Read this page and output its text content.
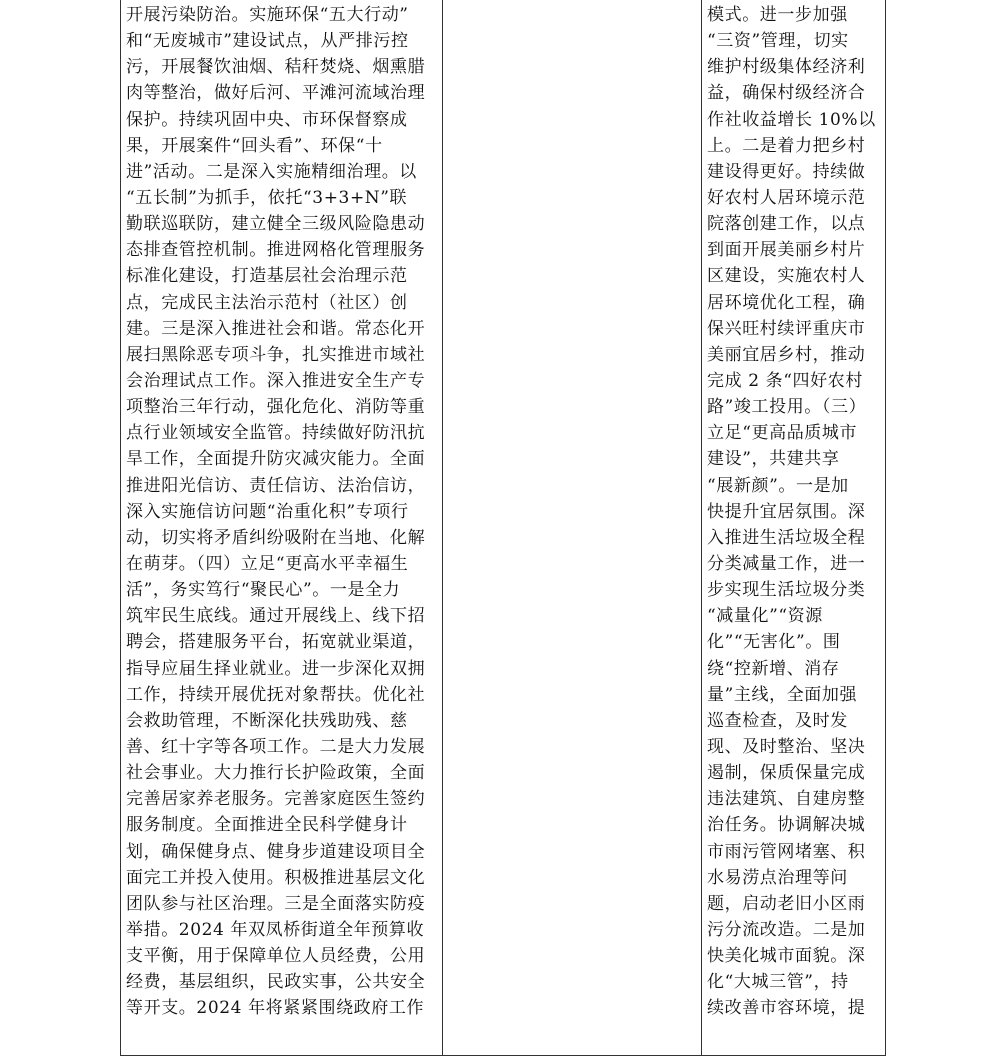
开展污染防治。实施环保“五大行动”
和“无废城市”建设试点，从严排污控
污，开展餐饮油烟、秸秆焚烧、烟熏腊
肉等整治，做好后河、平滩河流域治理
保护。持续巩固中央、市环保督察成
果，开展案件“回头看”、环保“十
进”活动。二是深入实施精细治理。以
“五长制”为抓手，依托“3+3+N”联
勤联巡联防，建立健全三级风险隐患动
态排查管控机制。推进网格化管理服务
标准化建设，打造基层社会治理示范
点，完成民主法治示范村（社区）创
建。三是深入推进社会和谐。常态化开
展扫黑除恶专项斗争，扎实推进市域社
会治理试点工作。深入推进安全生产专
项整治三年行动，强化危化、消防等重
点行业领域安全监管。持续做好防汛抗
旱工作，全面提升防灾减灾能力。全面
推进阳光信访、责任信访、法治信访，
深入实施信访问题“治重化积”专项行
动，切实将矛盾纠纷吸附在当地、化解
在萌芽。（四）立足“更高水平幸福生
活”，务实笃行“聚民心”。一是全力
筑牢民生底线。通过开展线上、线下招
聘会，搭建服务平台，拓宽就业渠道，
指导应届生择业就业。进一步深化双拥
工作，持续开展优抚对象帮扶。优化社
会救助管理，不断深化扶残助残、慈
善、红十字等各项工作。二是大力发展
社会事业。大力推行长护险政策，全面
完善居家养老服务。完善家庭医生签约
服务制度。全面推进全民科学健身计
划，确保健身点、健身步道建设项目全
面完工并投入使用。积极推进基层文化
团队参与社区治理。三是全面落实防疫
举措。2024 年双凤桥街道全年预算收
支平衡，用于保障单位人员经费，公用
经费，基层组织，民政实事，公共安全
等开支。2024 年将紧紧围绕政府工作
模式。进一步加强
“三资”管理，切实
维护村级集体经济利
益，确保村级经济合
作社收益增长 10%以
上。二是着力把乡村
建设得更好。持续做
好农村人居环境示范
院落创建工作，以点
到面开展美丽乡村片
区建设，实施农村人
居环境优化工程，确
保兴旺村续评重庆市
美丽宜居乡村，推动
完成 2 条“四好农村
路”竣工投用。（三）
立足“更高品质城市
建设”，共建共享
“展新颜”。一是加
快提升宜居氛围。深
入推进生活垃圾全程
分类减量工作，进一
步实现生活垃圾分类
“减量化”“资源
化”“无害化”。围
绕“控新增、消存
量”主线，全面加强
巡查检查，及时发
现、及时整治、坚决
遏制，保质保量完成
违法建筑、自建房整
治任务。协调解决城
市雨污管网堵塞、积
水易涝点治理等问
题，启动老旧小区雨
污分流改造。二是加
快美化城市面貌。深
化“大城三管”，持
续改善市容环境，提
